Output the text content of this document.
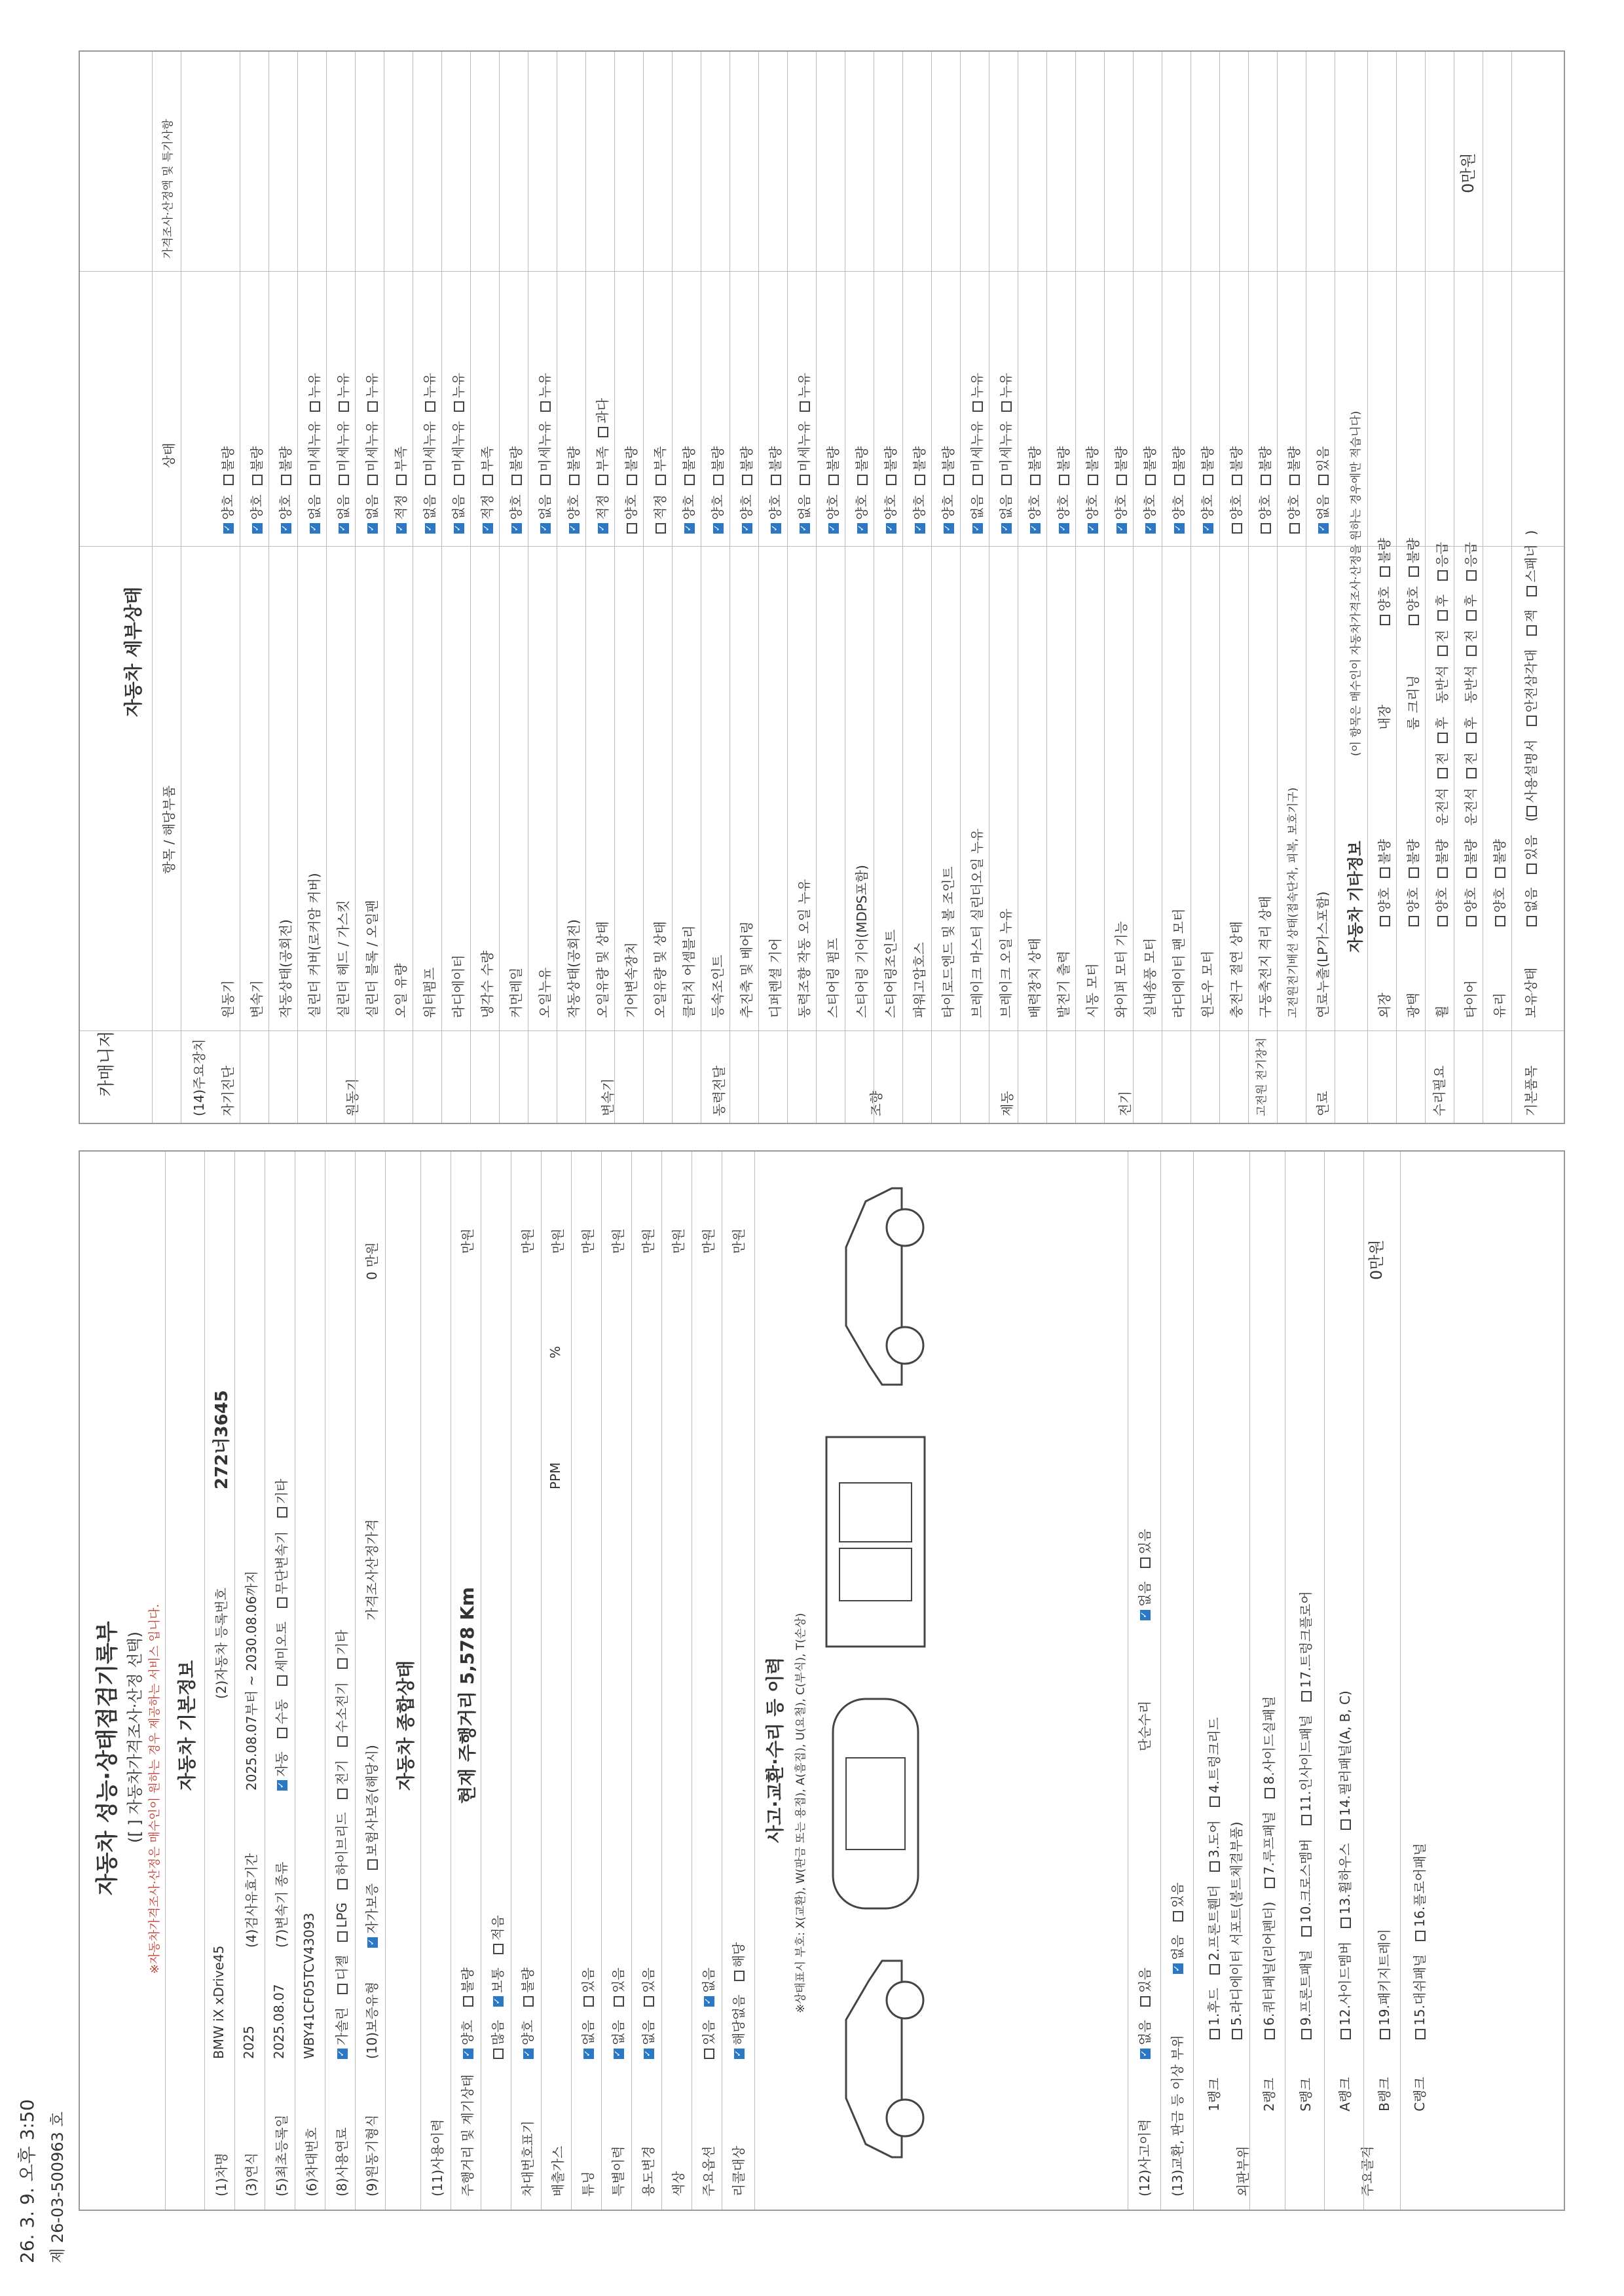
26. 3. 9. 오후 3:50 제 26-03-500963 호
자동차 성능·상태점검기록부 ([ ] 자동차가격조사·산정 선택) ※자동차가격조사·산정은 매수인이 원하는 경우 제공하는 서비스 입니다. 자동차 기본정보
(1)차명
BMW iX xDrive45
(2)자동차 등록번호
272너3645
(3)연식
2025
(4)검사유효기간
2025.08.07부터 ~ 2030.08.06까지
(5)최초등록일
2025.08.07
(7)변속기 종류
✓자동 수동 세미오토 무단변속기 기타
(6)차대번호
WBY41CF05TCV43093
(8)사용연료
✓가솔린 디젤 LPG 하이브리드 전기 수소전기 기타
(9)원동기형식
(10)보증유형
✓자가보증 보험사보증(해당시)
가격조사산정가격
0 만원
자동차 종합상태
(11)사용이력 주행거리 및 계기상태
✓양호 불량
현재 주행거리 5,578 Km
만원
많음 ✓보통 적음
차대번호표기
✓양호 불량
만원
배출가스
PPM
%
만원
튜닝
✓없음 있음
만원
특별이력
✓없음 있음
만원
용도변경
✓없음 있음
만원
색상
만원
주요옵션
있음 ✓없음
만원
리콜대상
✓해당없음 해당
만원
사고·교환·수리 등 이력 ※상태표시 부호: X(교환), W(판금 또는 용접), A(흠집), U(요철), C(부식), T(손상)
(12)사고이력
✓없음 있음
단순수리
✓없음 있음
(13)교환, 판금 등 이상 부위
✓없음 있음
외판부위
1랭크
1.후드 2.프론트휀더 3.도어 4.트렁크리드
5.라디에이터 서포트(볼트체결부품)
2랭크
6.쿼터패널(리어펜더) 7.루프패널 8.사이드실패널
주요골격
S랭크
9.프론트패널 10.크로스멤버 11.인사이드패널 17.트렁크플로어
A랭크
12.사이드멤버 13.휠하우스 14.필러패널(A, B, C)
B랭크
19.패키지트레이
C랭크
15.대쉬패널 16.플로어패널
0만원
카매니저
자동차 세부상태
항목 / 해당부품
상태
가격조사·산정액 및 특기사항
(14)주요장치 자기진단
원동기
✓양호불량
변속기
✓양호불량
원동기
작동상태(공회전)
✓양호불량
실린더 커버(로커암 커버)
✓없음미세누유누유
실린더 헤드 / 가스킷
✓없음미세누유누유
실린더 블록 / 오일팬
✓없음미세누유누유
오일 유량
✓적정부족
워터펌프
✓없음미세누유누유
라디에이터
✓없음미세누유누유
냉각수 수량
✓적정부족
커먼레일
✓양호불량
변속기
오일누유
✓없음미세누유누유
작동상태(공회전)
✓양호불량
오일유량 및 상태
✓적정부족과다
기어변속장치
양호불량
오일유량 및 상태
적정부족
동력전달
클러치 어셈블리
✓양호불량
등속조인트
✓양호불량
추진축 및 베어링
✓양호불량
디퍼렌셜 기어
✓양호불량
조향
동력조향 작동 오일 누유
✓없음미세누유누유
스티어링 펌프
✓양호불량
스티어링 기어(MDPS포함)
✓양호불량
스티어링조인트
✓양호불량
파워고압호스
✓양호불량
타이로드엔드 및 볼 조인트
✓양호불량
제동
브레이크 마스터 실린더오일 누유
✓없음미세누유누유
브레이크 오일 누유
✓없음미세누유누유
배력장치 상태
✓양호불량
전기
발전기 출력
✓양호불량
시동 모터
✓양호불량
와이퍼 모터 기능
✓양호불량
실내송풍 모터
✓양호불량
라디에이터 팬 모터
✓양호불량
윈도우 모터
✓양호불량
고전원 전기장치
충전구 절연 상태
양호불량
구동축전지 격리 상태
양호불량
고전원전기배선 상태(접속단자, 피복, 보호기구)
양호불량
연료
연료누출(LP가스포함)
✓없음있음
자동차 기타정보
(이 항목은 매수인이 자동차가격조사·산정을 원하는 경우에만 적습니다)
수리필요
외장
양호불량
내장
양호불량
광택
양호불량
룸 크리닝
양호불량
휠
양호불량 운전석전후 동반석전후 응급
타이어
양호불량 운전석전후 동반석전후 응급
유리
양호불량
기본품목
보유상태
없음 있음 (사용설명서 안전삼각대 잭 스패너)
0만원
